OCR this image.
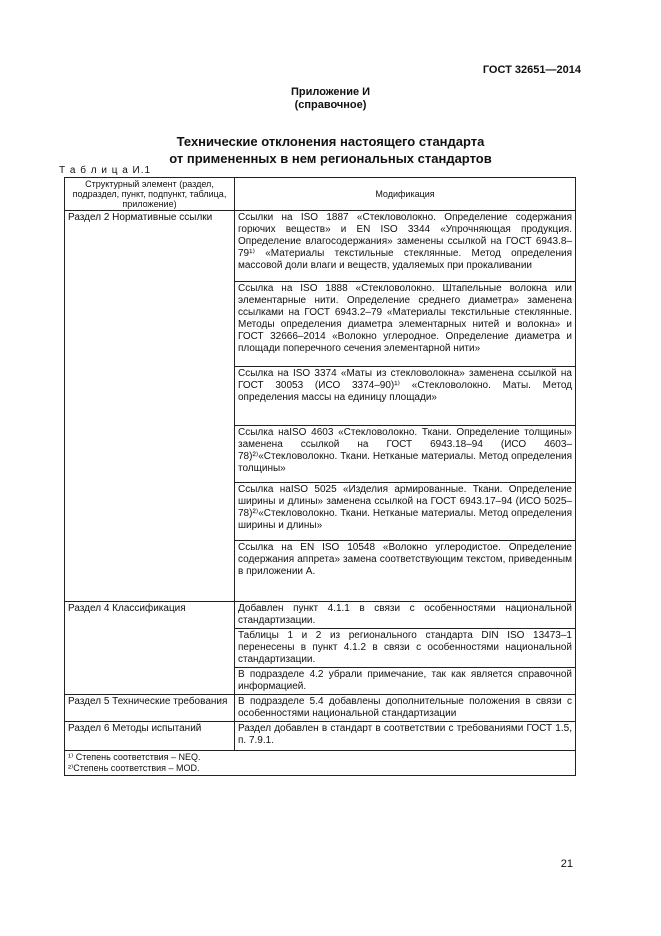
ГОСТ 32651—2014
Приложение И
(справочное)
Технические отклонения настоящего стандарта
от примененных в нем региональных стандартов
Т а б л и ц а И.1
Структурный элемент (раздел, подраздел, пункт, подпункт, таблица, приложение)	Модификация
Раздел 2 Нормативные ссылки	Ссылки на ISO 1887 «Стекловолокно. Определение содержания горючих веществ» и EN ISO 3344 «Упрочняющая продукция. Определение влагосодержания» заменены ссылкой на ГОСТ 6943.8–79¹⁾ «Материалы текстильные стеклянные. Метод определения массовой доли влаги и веществ, удаляемых при прокаливании
	Ссылка на ISO 1888 «Стекловолокно. Штапельные волокна или элементарные нити. Определение среднего диаметра» заменена ссылками на ГОСТ 6943.2–79 «Материалы текстильные стеклянные. Методы определения диаметра элементарных нитей и волокна» и ГОСТ 32666–2014 «Волокно углеродное. Определение диаметра и площади поперечного сечения элементарной нити»
	Ссылка на ISO 3374 «Маты из стекловолокна» заменена ссылкой на ГОСТ 30053 (ИСО 3374–90)¹⁾ «Стекловолокно. Маты. Метод определения массы на единицу площади»
	Ссылка наISO 4603 «Стекловолокно. Ткани. Определение толщины» заменена ссылкой на ГОСТ 6943.18–94 (ИСО 4603–78)²⁾«Стекловолокно. Ткани. Нетканые материалы. Метод определения толщины»
	Ссылка наISO 5025 «Изделия армированные. Ткани. Определение ширины и длины» заменена ссылкой на ГОСТ 6943.17–94 (ИСО 5025–78)²⁾«Стекловолокно. Ткани. Нетканые материалы. Метод определения ширины и длины»
	Ссылка на EN ISO 10548 «Волокно углеродистое. Определение содержания аппрета» замена соответствующим текстом, приведенным в приложении А.
Раздел 4 Классификация	Добавлен пункт 4.1.1 в связи с особенностями национальной стандартизации.
	Таблицы 1 и 2 из регионального стандарта DIN ISO 13473–1 перенесены в пункт 4.1.2 в связи с особенностями национальной стандартизации.
	В подразделе 4.2 убрали примечание, так как является справочной информацией.
Раздел 5 Технические требования	В подразделе 5.4 добавлены дополнительные положения в связи с особенностями национальной стандартизации
Раздел 6 Методы испытаний	Раздел добавлен в стандарт в соответствии с требованиями ГОСТ 1.5, п. 7.9.1.

¹⁾ Степень соответствия – NEQ.
²⁾Степень соответствия – MOD.	
21
